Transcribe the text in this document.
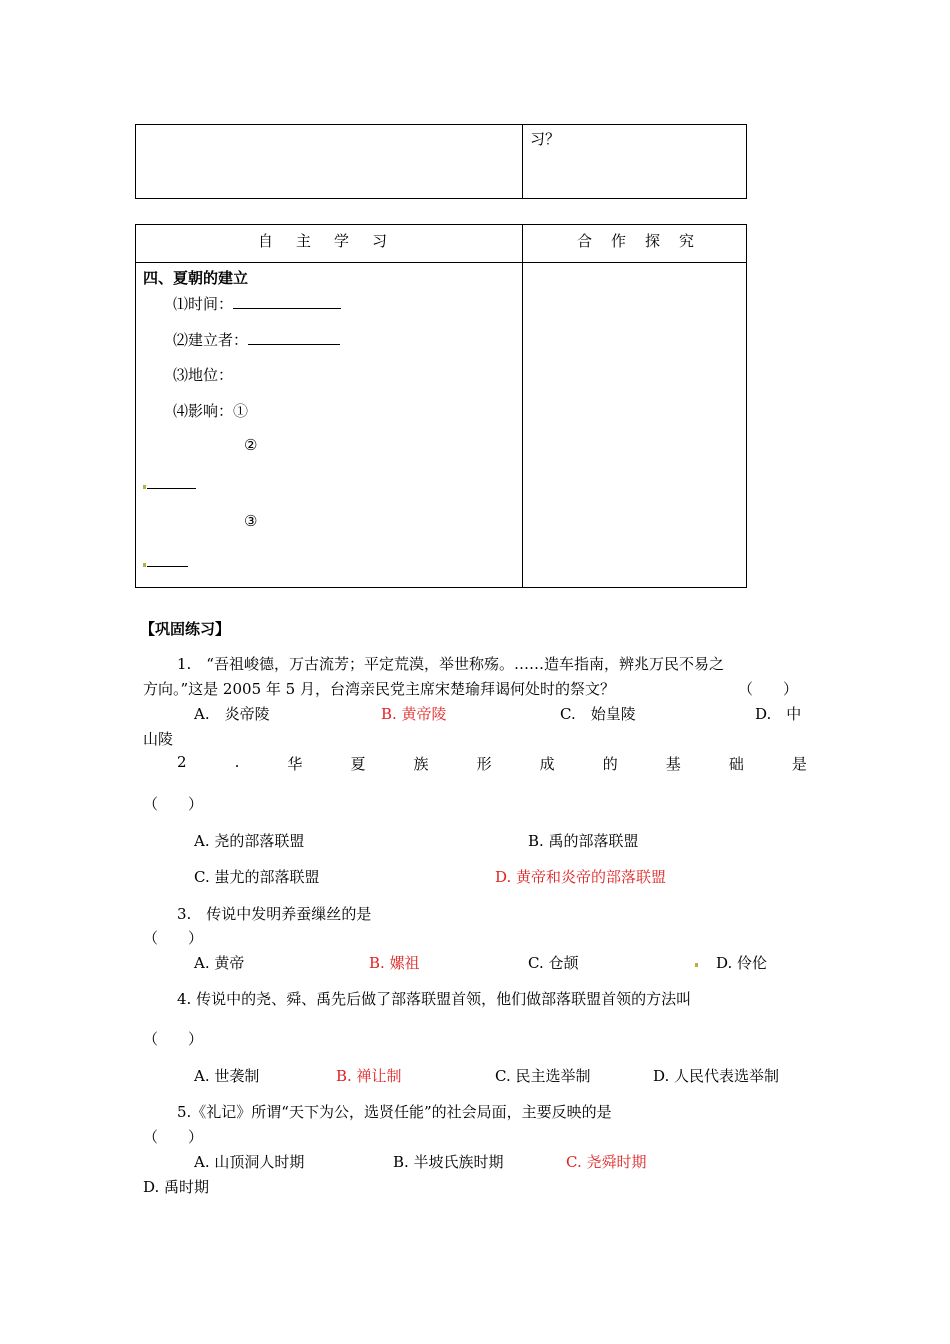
习？
自　主　学　习	合　作　探　究
四、夏朝的建立
⑴时间：
⑵建立者：
⑶地位：
⑷影响：①
②
③
【巩固练习】
1.　“吾祖峻德，万古流芳；平定荒漠，举世称殇。……造车指南，辨兆万民不易之
方向。”这是 2005 年 5 月，台湾亲民党主席宋楚瑜拜谒何处时的祭文？	（　　）
A.　炎帝陵	B. 黄帝陵	C.　始皇陵	D.　中
山陵
2	.	华	夏	族	形	成	的	基	础	是
（　　）
A. 尧的部落联盟	B. 禹的部落联盟
C. 蚩尤的部落联盟	D. 黄帝和炎帝的部落联盟
3.　传说中发明养蚕缫丝的是
（　　）
A. 黄帝	B. 嫘祖	C. 仓颉	D. 伶伦
4. 传说中的尧、舜、禹先后做了部落联盟首领，他们做部落联盟首领的方法叫
（　　）
A. 世袭制	B. 禅让制	C. 民主选举制	D. 人民代表选举制
5.《礼记》所谓“天下为公，选贤任能”的社会局面，主要反映的是
（　　）
A. 山顶洞人时期	B. 半坡氏族时期	C. 尧舜时期
D. 禹时期
